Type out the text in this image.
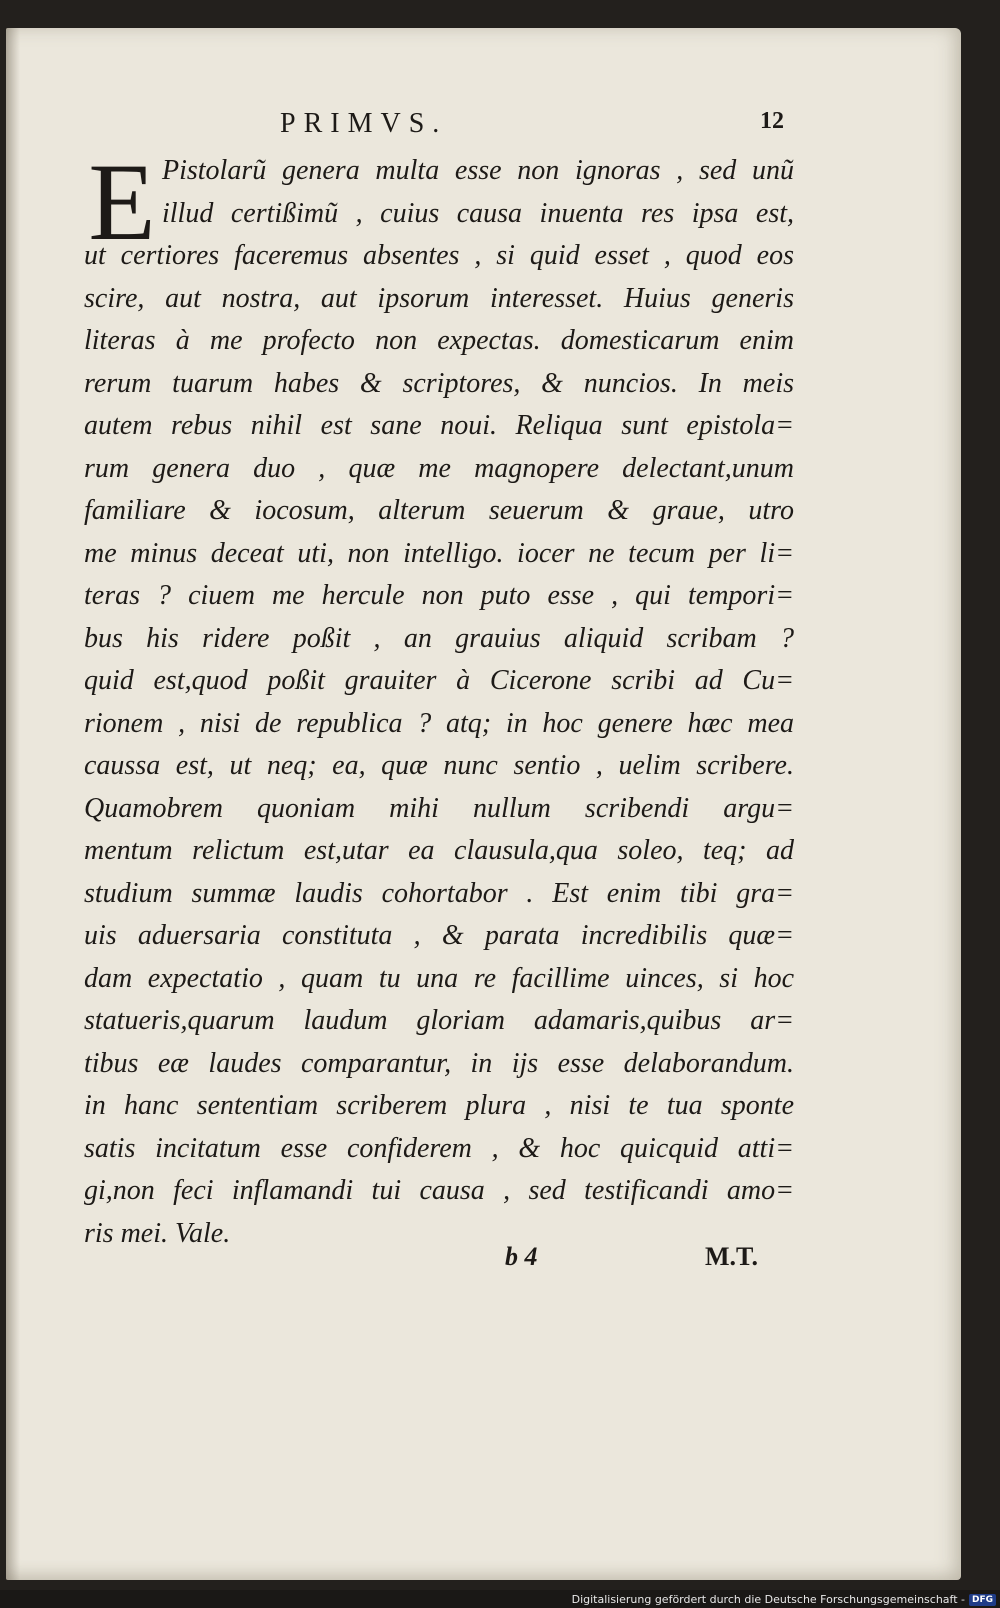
PRIMVS.	12
E Pistolarũ genera multa esse non ignoras , sed unũ
illud certißimũ , cuius causa inuenta res ipsa est,
ut certiores faceremus absentes , si quid esset , quod eos
scire, aut nostra, aut ipsorum interesset. Huius generis
literas à me profecto non expectas. domesticarum enim
rerum tuarum habes & scriptores, & nuncios. In meis
autem rebus nihil est sane noui. Reliqua sunt epistola=
rum genera duo , quæ me magnopere delectant,unum
familiare & iocosum, alterum seuerum & graue, utro
me minus deceat uti, non intelligo. iocer ne tecum per li=
teras ? ciuem me hercule non puto esse , qui tempori=
bus his ridere poßit , an grauius aliquid scribam ?
quid est,quod poßit grauiter à Cicerone scribi ad Cu=
rionem , nisi de republica ? atq; in hoc genere hæc mea
caussa est, ut neq; ea, quæ nunc sentio , uelim scribere.
Quamobrem quoniam mihi nullum scribendi argu=
mentum relictum est,utar ea clausula,qua soleo, teq; ad
studium summæ laudis cohortabor . Est enim tibi gra=
uis aduersaria constituta , & parata incredibilis quæ=
dam expectatio , quam tu una re facillime uinces, si hoc
statueris,quarum laudum gloriam adamaris,quibus ar=
tibus eæ laudes comparantur, in ijs esse delaborandum.
in hanc sententiam scriberem plura , nisi te tua sponte
satis incitatum esse confiderem , & hoc quicquid atti=
gi,non feci inflamandi tui causa , sed testificandi amo=
ris mei. Vale.
b 4	M.T.
Digitalisierung gefördert durch die Deutsche Forschungsgemeinschaft - DFG
